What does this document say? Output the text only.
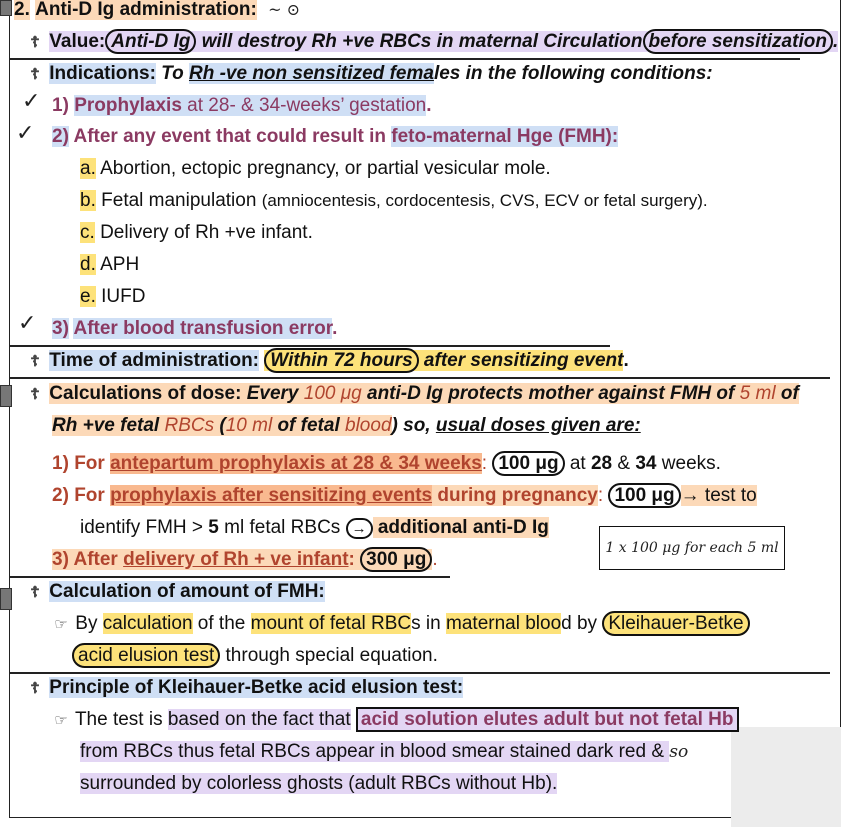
2. Anti-D Ig administration: ~ ⊙
☦ Value: Anti-D Ig will destroy Rh +ve RBCs in maternal Circulation before sensitization .
☦ Indications: To Rh -ve non sensitized females in the following conditions:
✓ 1) Prophylaxis at 28- & 34-weeks’ gestation.
✓ 2) After any event that could result in feto-maternal Hge (FMH):
a. Abortion, ectopic pregnancy, or partial vesicular mole.
b. Fetal manipulation (amniocentesis, cordocentesis, CVS, ECV or fetal surgery).
c. Delivery of Rh +ve infant.
d. APH
e. IUFD
✓ 3) After blood transfusion error.
☦ Time of administration: Within 72 hours after sensitizing event.
☦ Calculations of dose: Every 100 μg anti-D Ig protects mother against FMH of 5 ml of
Rh +ve fetal RBCs (10 ml of fetal blood) so, usual doses given are:
1) For antepartum prophylaxis at 28 & 34 weeks: 100 μg at 28 & 34 weeks.
2) For prophylaxis after sensitizing events during pregnancy: 100 μg → test to
identify FMH > 5 ml fetal RBCs → additional anti-D Ig
1 x 100 μg for each 5 ml
3) After delivery of Rh + ve infant: 300 μg .
☦ Calculation of amount of FMH:
☞ By calculation of the mount of fetal RBCs in maternal blood by Kleihauer-Betke
acid elusion test through special equation.
☦ Principle of Kleihauer-Betke acid elusion test:
☞ The test is based on the fact that acid solution elutes adult but not fetal Hb
from RBCs thus fetal RBCs appear in blood smear stained dark red & so
surrounded by colorless ghosts (adult RBCs without Hb).
